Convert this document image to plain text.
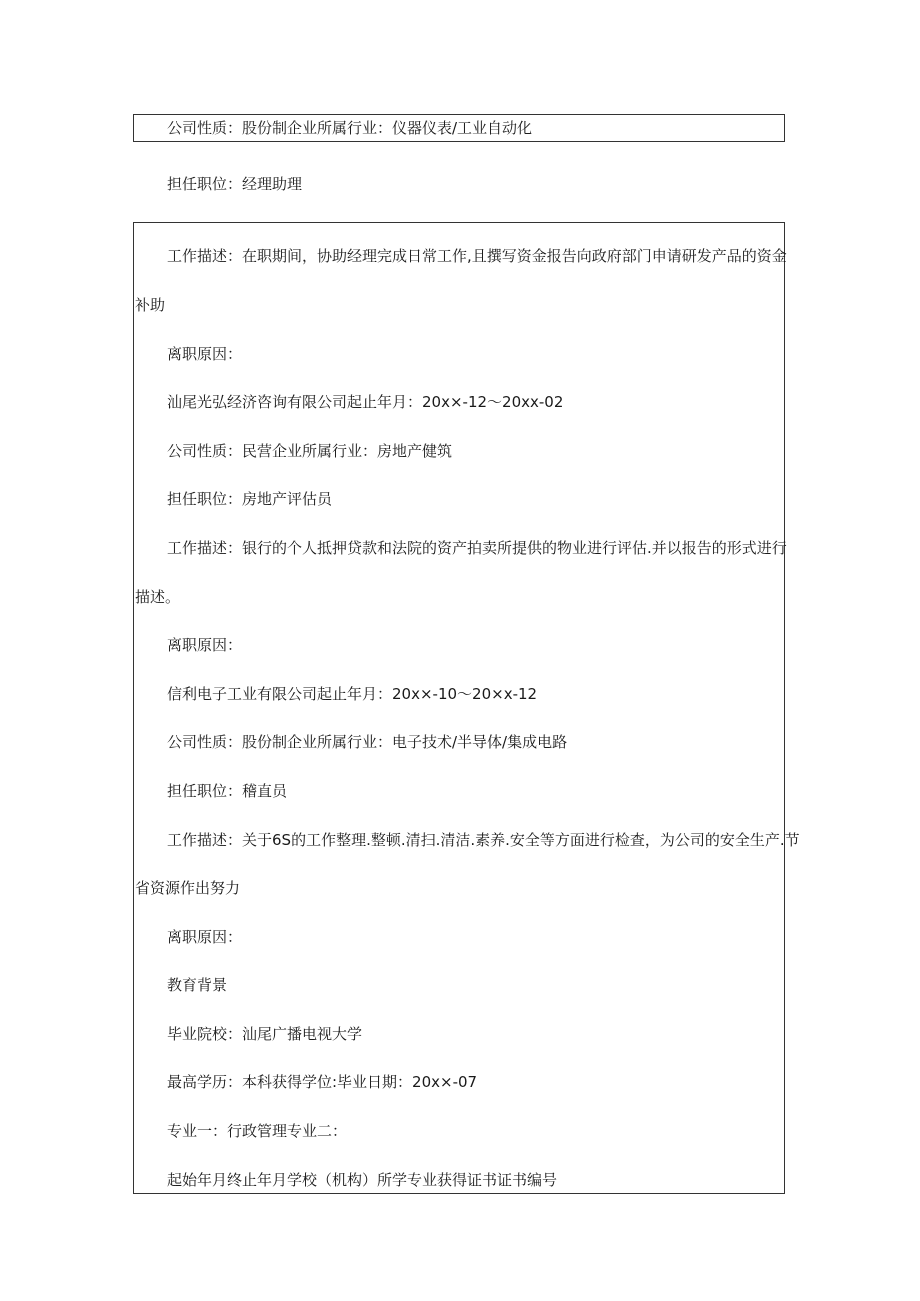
公司性质：股份制企业所属行业：仪器仪表/工业自动化

担任职位：经理助理

工作描述：在职期间，协助经理完成日常工作,且撰写资金报告向政府部门申请研发产品的资金

补助

离职原因：

汕尾光弘经济咨询有限公司起止年月：20x×-12〜20xx-02

公司性质：民营企业所属行业：房地产健筑

担任职位：房地产评估员

工作描述：银行的个人抵押贷款和法院的资产拍卖所提供的物业进行评估.并以报告的形式进行

描述。

离职原因：

信利电子工业有限公司起止年月：20x×-10〜20×x-12

公司性质：股份制企业所属行业：电子技术/半导体/集成电路

担任职位：稽直员

工作描述：关于6S的工作整理.整顿.清扫.清洁.素养.安全等方面进行检查，为公司的安全生产.节

省资源作出努力

离职原因：

教育背景

毕业院校：汕尾广播电视大学

最高学历：本科获得学位:毕业日期：20x×-07

专业一：行政管理专业二：

起始年月终止年月学校（机构）所学专业获得证书证书编号
